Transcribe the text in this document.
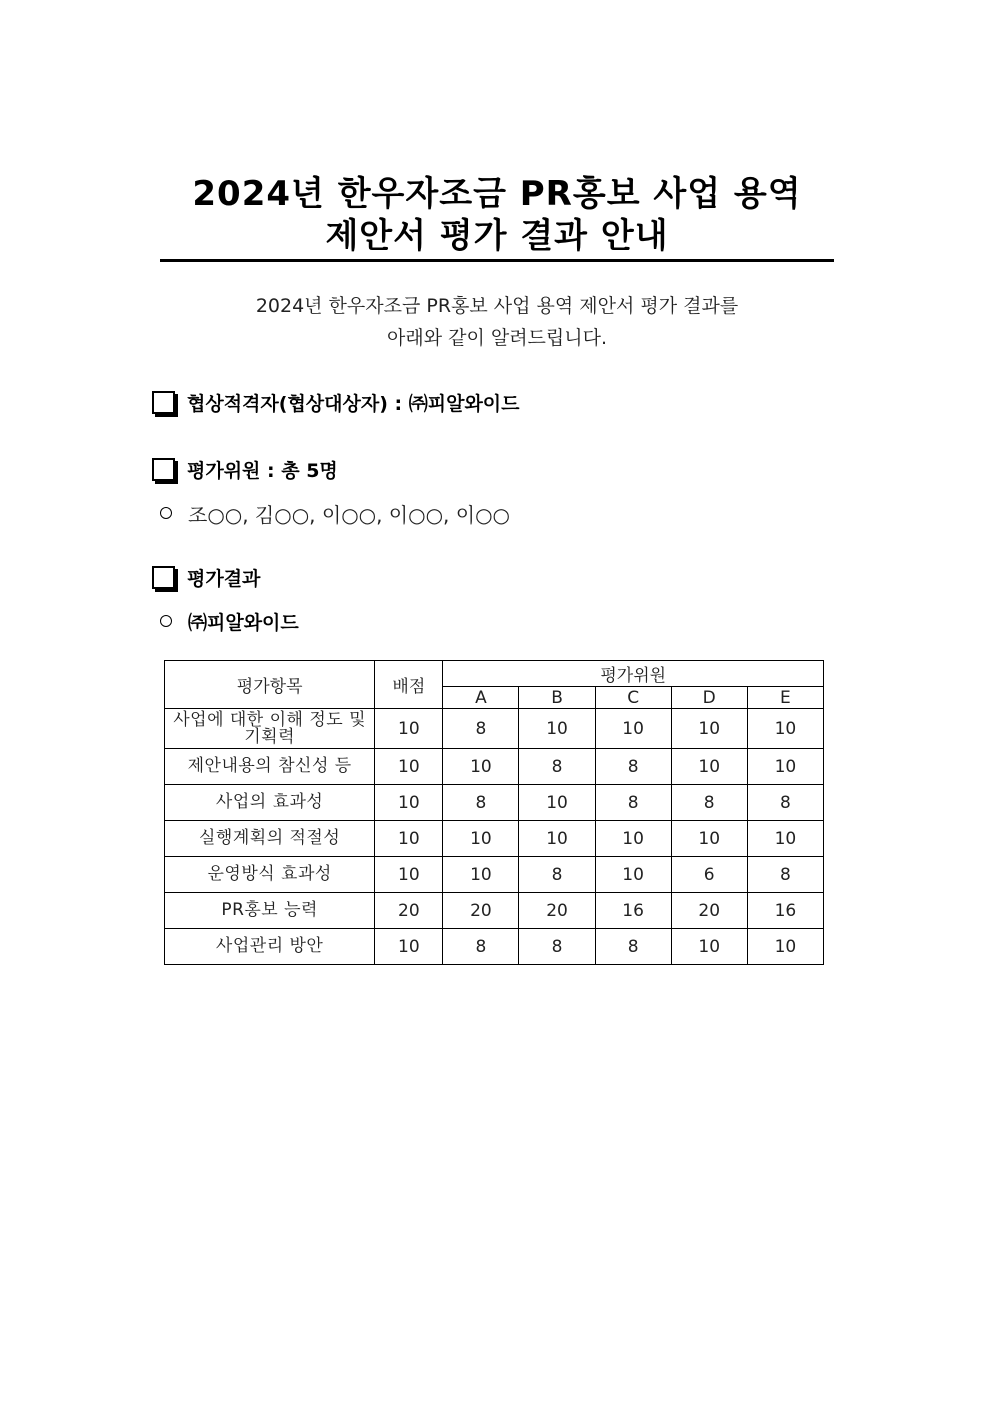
2024년 한우자조금 PR홍보 사업 용역
제안서 평가 결과 안내
2024년 한우자조금 PR홍보 사업 용역 제안서 평가 결과를
아래와 같이 알려드립니다.
협상적격자(협상대상자) : ㈜피알와이드
평가위원 : 총 5명
조○○, 김○○, 이○○, 이○○, 이○○
평가결과
㈜피알와이드
평가항목	배점	평가위원				
		A	B	C	D	E
사업에 대한 이해 정도 및 기획력	10	8	10	10	10	10
제안내용의 참신성 등	10	10	8	8	10	10
사업의 효과성	10	8	10	8	8	8
실행계획의 적절성	10	10	10	10	10	10
운영방식 효과성	10	10	8	10	6	8
PR홍보 능력	20	20	20	16	20	16
사업관리 방안	10	8	8	8	10	10
